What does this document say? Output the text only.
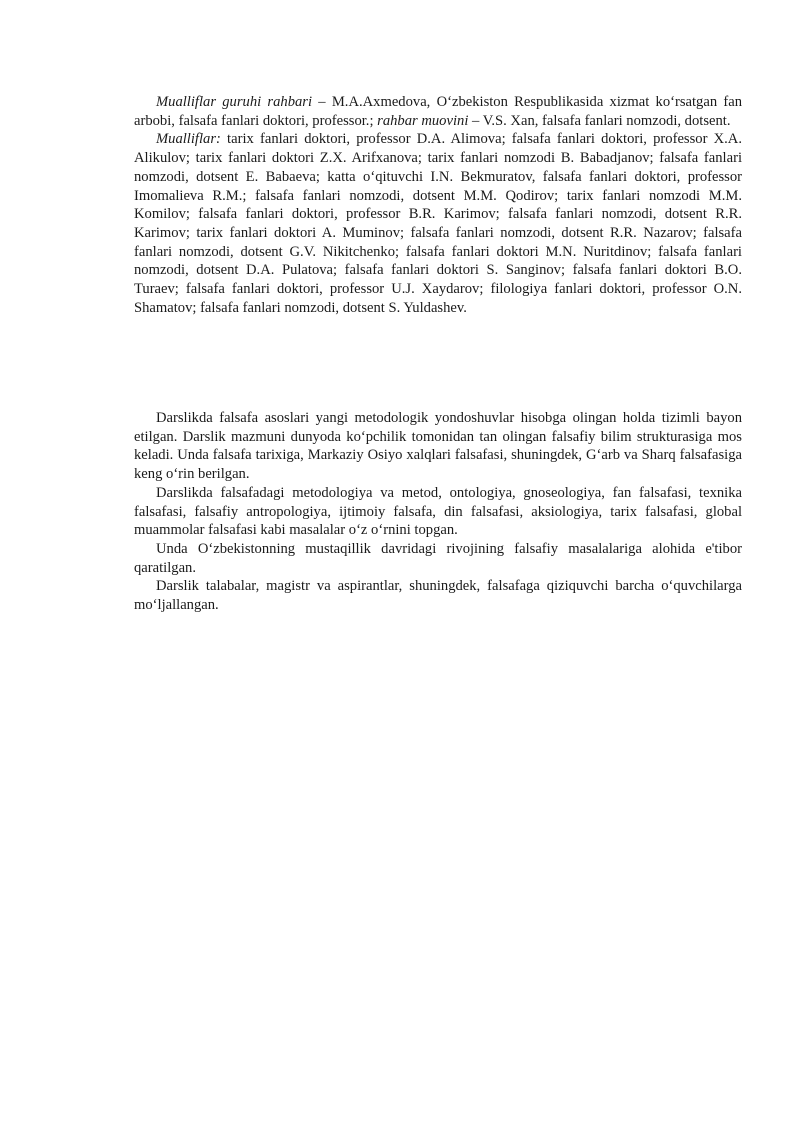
Mualliflar guruhi rahbari – M.A.Axmedova, O‘zbekiston Respublikasida xizmat ko‘rsatgan fan arbobi, falsafa fanlari doktori, professor.; rahbar muovini – V.S. Xan, falsafa fanlari nomzodi, dotsent.

Mualliflar: tarix fanlari doktori, professor D.A. Alimova; falsafa fanlari doktori, professor X.A. Alikulov; tarix fanlari doktori Z.X. Arifxanova; tarix fanlari nomzodi B. Babadjanov; falsafa fanlari nomzodi, dotsent E. Babaeva; katta o‘qituvchi I.N. Bekmuratov, falsafa fanlari doktori, professor Imomalieva R.M.; falsafa fanlari nomzodi, dotsent M.M. Qodirov; tarix fanlari nomzodi M.M. Komilov; falsafa fanlari doktori, professor B.R. Karimov; falsafa fanlari nomzodi, dotsent R.R. Karimov; tarix fanlari doktori A. Muminov; falsafa fanlari nomzodi, dotsent R.R. Nazarov; falsafa fanlari nomzodi, dotsent G.V. Nikitchenko; falsafa fanlari doktori M.N. Nuritdinov; falsafa fanlari nomzodi, dotsent D.A. Pulatova; falsafa fanlari doktori S. Sanginov; falsafa fanlari doktori B.O. Turaev; falsafa fanlari doktori, professor U.J. Xaydarov; filologiya fanlari doktori, professor O.N. Shamatov; falsafa fanlari nomzodi, dotsent S. Yuldashev.

Darslikda falsafa asoslari yangi metodologik yondoshuvlar hisobga olingan holda tizimli bayon etilgan. Darslik mazmuni dunyoda ko‘pchilik tomonidan tan olingan falsafiy bilim strukturasiga mos keladi. Unda falsafa tarixiga, Markaziy Osiyo xalqlari falsafasi, shuningdek, G‘arb va Sharq falsafasiga keng o‘rin berilgan.

Darslikda falsafadagi metodologiya va metod, ontologiya, gnoseologiya, fan falsafasi, texnika falsafasi, falsafiy antropologiya, ijtimoiy falsafa, din falsafasi, aksiologiya, tarix falsafasi, global muammolar falsafasi kabi masalalar o‘z o‘rnini topgan.

Unda O‘zbekistonning mustaqillik davridagi rivojining falsafiy masalalariga alohida e'tibor qaratilgan.

Darslik talabalar, magistr va aspirantlar, shuningdek, falsafaga qiziquvchi barcha o‘quvchilarga mo‘ljallangan.
